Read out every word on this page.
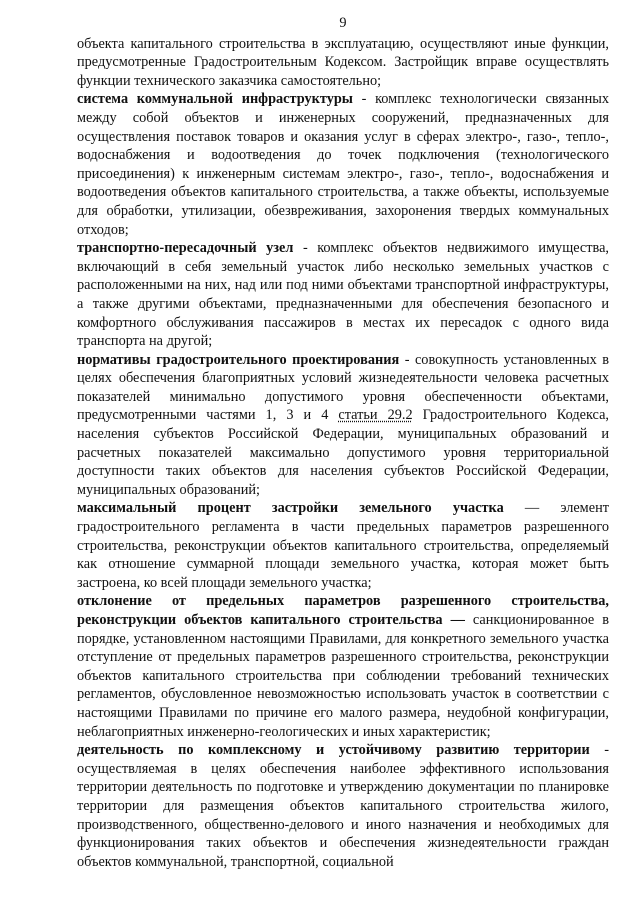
9

объекта капитального строительства в эксплуатацию, осуществляют иные функции, предусмотренные Градостроительным Кодексом. Застройщик вправе осуществлять функции технического заказчика самостоятельно;

система коммунальной инфраструктуры - комплекс технологически связанных между собой объектов и инженерных сооружений, предназначенных для осуществления поставок товаров и оказания услуг в сферах электро-, газо-, тепло-, водоснабжения и водоотведения до точек подключения (технологического присоединения) к инженерным системам электро-, газо-, тепло-, водоснабжения и водоотведения объектов капитального строительства, а также объекты, используемые для обработки, утилизации, обезвреживания, захоронения твердых коммунальных отходов;

транспортно-пересадочный узел - комплекс объектов недвижимого имущества, включающий в себя земельный участок либо несколько земельных участков с расположенными на них, над или под ними объектами транспортной инфраструктуры, а также другими объектами, предназначенными для обеспечения безопасного и комфортного обслуживания пассажиров в местах их пересадок с одного вида транспорта на другой;

нормативы градостроительного проектирования - совокупность установленных в целях обеспечения благоприятных условий жизнедеятельности человека расчетных показателей минимально допустимого уровня обеспеченности объектами, предусмотренными частями 1, 3 и 4 статьи 29.2 Градостроительного Кодекса, населения субъектов Российской Федерации, муниципальных образований и расчетных показателей максимально допустимого уровня территориальной доступности таких объектов для населения субъектов Российской Федерации, муниципальных образований;

максимальный процент застройки земельного участка — элемент градостроительного регламента в части предельных параметров разрешенного строительства, реконструкции объектов капитального строительства, определяемый как отношение суммарной площади земельного участка, которая может быть застроена, ко всей площади земельного участка;

отклонение от предельных параметров разрешенного строительства, реконструкции объектов капитального строительства — санкционированное в порядке, установленном настоящими Правилами, для конкретного земельного участка отступление от предельных параметров разрешенного строительства, реконструкции объектов капитального строительства при соблюдении требований технических регламентов, обусловленное невозможностью использовать участок в соответствии с настоящими Правилами по причине его малого размера, неудобной конфигурации, неблагоприятных инженерно-геологических и иных характеристик;

деятельность по комплексному и устойчивому развитию территории - осуществляемая в целях обеспечения наиболее эффективного использования территории деятельность по подготовке и утверждению документации по планировке территории для размещения объектов капитального строительства жилого, производственного, общественно-делового и иного назначения и необходимых для функционирования таких объектов и обеспечения жизнедеятельности граждан объектов коммунальной, транспортной, социальной
